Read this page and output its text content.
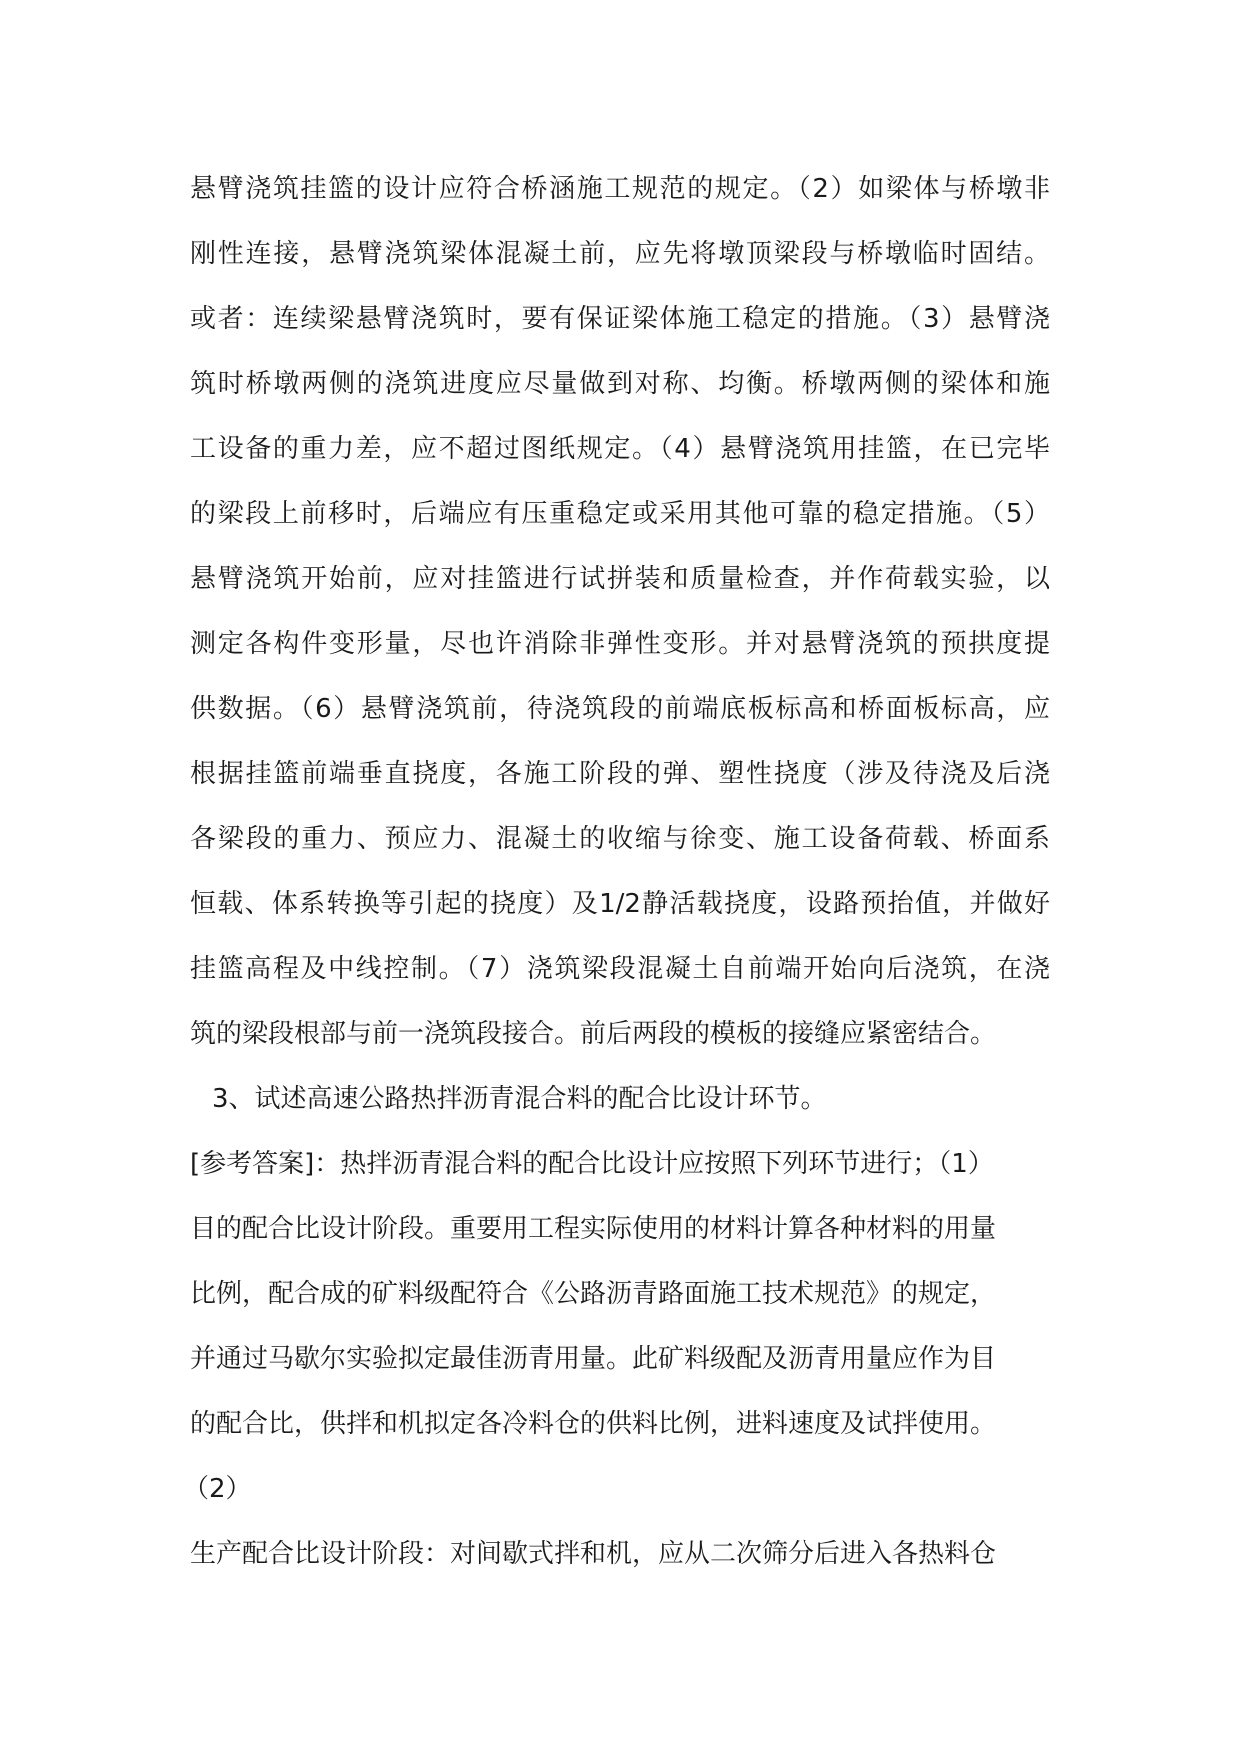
悬臂浇筑挂篮的设计应符合桥涵施工规范的规定。（2）如梁体与桥墩非
刚性连接，悬臂浇筑梁体混凝土前，应先将墩顶梁段与桥墩临时固结。
或者：连续梁悬臂浇筑时，要有保证梁体施工稳定的措施。（3）悬臂浇
筑时桥墩两侧的浇筑进度应尽量做到对称、均衡。桥墩两侧的梁体和施
工设备的重力差，应不超过图纸规定。（4）悬臂浇筑用挂篮，在已完毕
的梁段上前移时，后端应有压重稳定或采用其他可靠的稳定措施。（5）
悬臂浇筑开始前，应对挂篮进行试拼装和质量检查，并作荷载实验，以
测定各构件变形量，尽也许消除非弹性变形。并对悬臂浇筑的预拱度提
供数据。（6）悬臂浇筑前，待浇筑段的前端底板标高和桥面板标高，应
根据挂篮前端垂直挠度，各施工阶段的弹、塑性挠度（涉及待浇及后浇
各梁段的重力、预应力、混凝土的收缩与徐变、施工设备荷载、桥面系
恒载、体系转换等引起的挠度）及1/2静活载挠度，设路预抬值，并做好
挂篮高程及中线控制。（7）浇筑梁段混凝土自前端开始向后浇筑，在浇
筑的梁段根部与前一浇筑段接合。前后两段的模板的接缝应紧密结合。
3、试述高速公路热拌沥青混合料的配合比设计环节。
[参考答案]：热拌沥青混合料的配合比设计应按照下列环节进行；（1）
目的配合比设计阶段。重要用工程实际使用的材料计算各种材料的用量
比例，配合成的矿料级配符合《公路沥青路面施工技术规范》的规定，
并通过马歇尔实验拟定最佳沥青用量。此矿料级配及沥青用量应作为目
的配合比，供拌和机拟定各冷料仓的供料比例，进料速度及试拌使用。
（2）
生产配合比设计阶段：对间歇式拌和机，应从二次筛分后进入各热料仓
